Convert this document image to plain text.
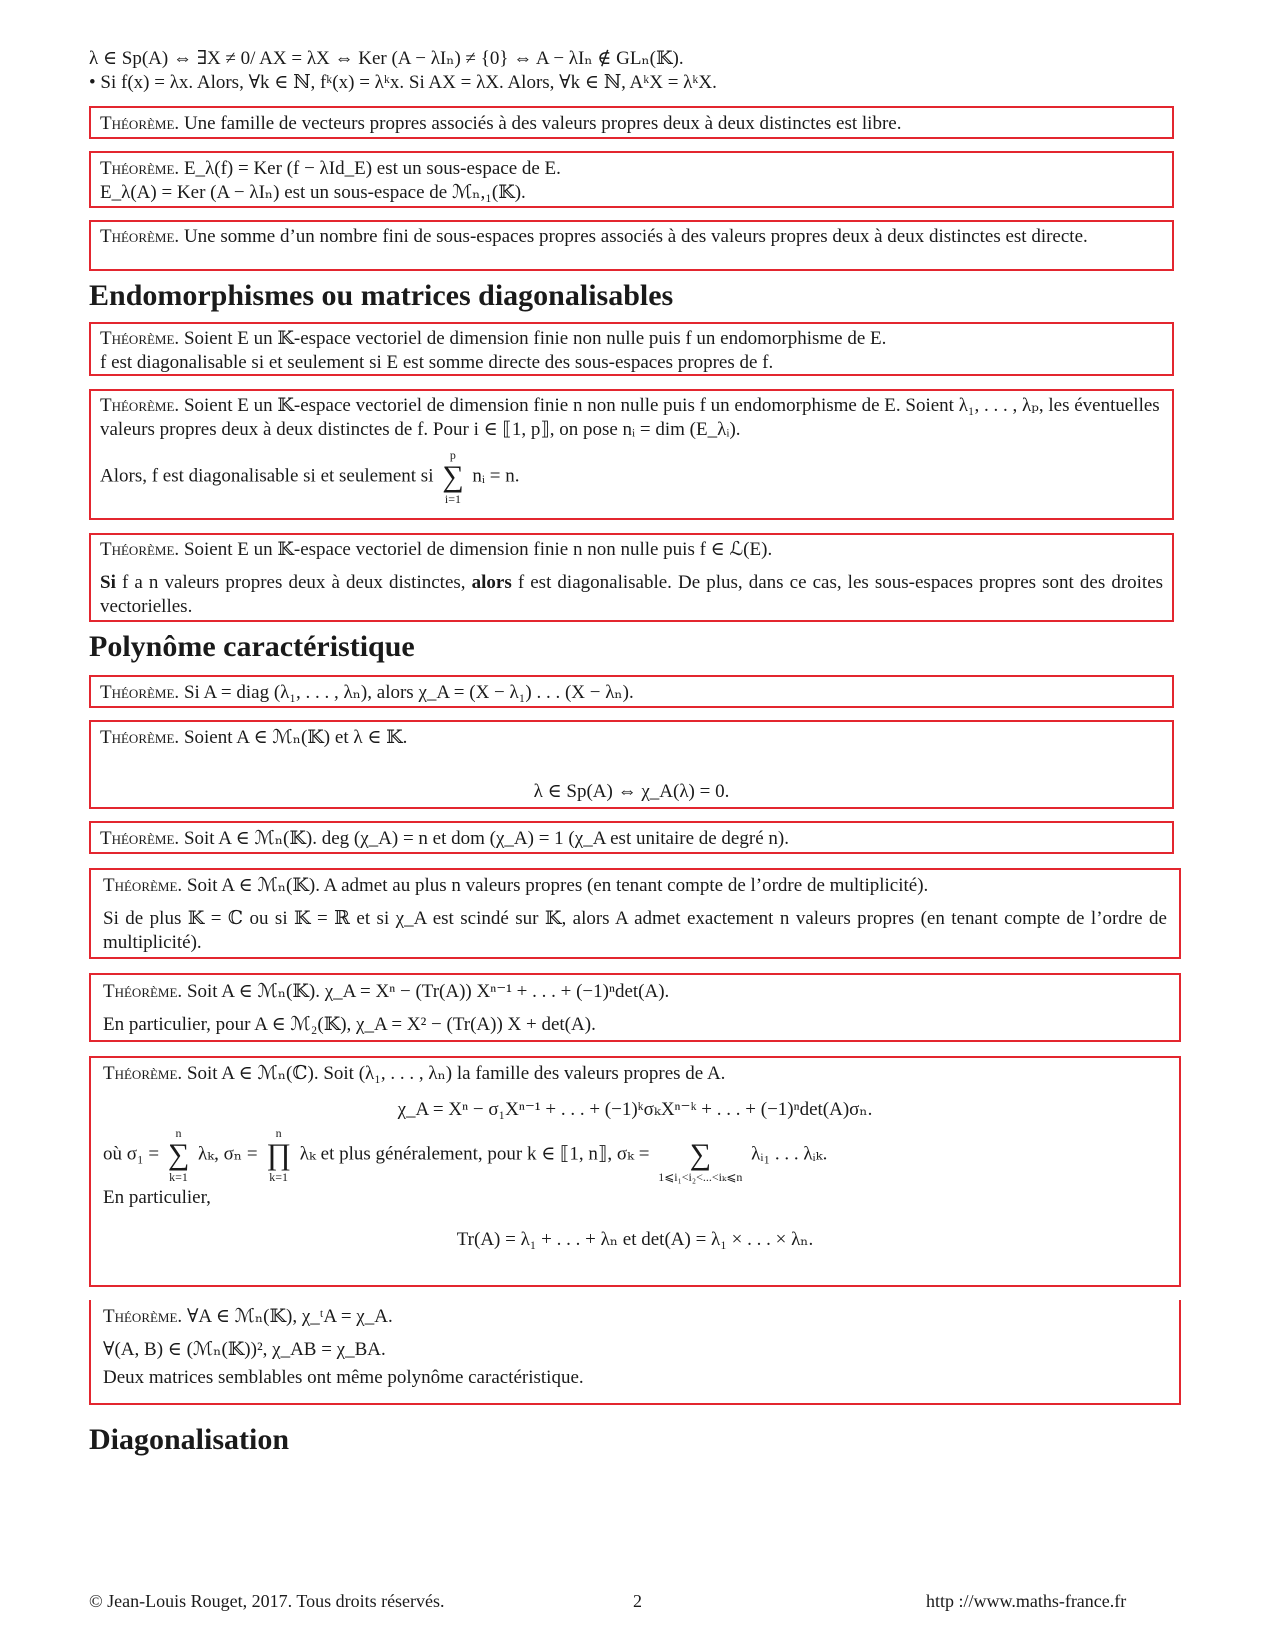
λ ∈ Sp(A) ⇔ ∃X ≠ 0/ AX = λX ⇔ Ker (A − λIₙ) ≠ {0} ⇔ A − λIₙ ∉ GLₙ(𝕂).
• Si f(x) = λx. Alors, ∀k ∈ ℕ, fᵏ(x) = λᵏx. Si AX = λX. Alors, ∀k ∈ ℕ, AᵏX = λᵏX.

Théorème. Une famille de vecteurs propres associés à des valeurs propres deux à deux distinctes est libre.

Théorème. E_λ(f) = Ker (f − λId_E) est un sous-espace de E.

E_λ(A) = Ker (A − λIₙ) est un sous-espace de ℳₙ,₁(𝕂).

Théorème. Une somme d’un nombre fini de sous-espaces propres associés à des valeurs propres deux à deux distinctes est directe.

Endomorphismes ou matrices diagonalisables

Théorème. Soient E un 𝕂-espace vectoriel de dimension finie non nulle puis f un endomorphisme de E.

f est diagonalisable si et seulement si E est somme directe des sous-espaces propres de f.

Théorème. Soient E un 𝕂-espace vectoriel de dimension finie n non nulle puis f un endomorphisme de E. Soient λ₁, . . . , λₚ, les éventuelles valeurs propres deux à deux distinctes de f. Pour i ∈ ⟦1, p⟧, on pose nᵢ = dim (E_λᵢ).

Alors, f est diagonalisable si et seulement si
p
∑
i=1
nᵢ = n.

Théorème. Soient E un 𝕂-espace vectoriel de dimension finie n non nulle puis f ∈ ℒ(E).

Si f a n valeurs propres deux à deux distinctes, alors f est diagonalisable. De plus, dans ce cas, les sous-espaces propres sont des droites vectorielles.

Polynôme caractéristique

Théorème. Si A = diag (λ₁, . . . , λₙ), alors χ_A = (X − λ₁) . . . (X − λₙ).

Théorème. Soient A ∈ ℳₙ(𝕂) et λ ∈ 𝕂.

λ ∈ Sp(A) ⇔ χ_A(λ) = 0.

Théorème. Soit A ∈ ℳₙ(𝕂). deg (χ_A) = n et dom (χ_A) = 1 (χ_A est unitaire de degré n).

Théorème. Soit A ∈ ℳₙ(𝕂). A admet au plus n valeurs propres (en tenant compte de l’ordre de multiplicité).

Si de plus 𝕂 = ℂ ou si 𝕂 = ℝ et si χ_A est scindé sur 𝕂, alors A admet exactement n valeurs propres (en tenant compte de l’ordre de multiplicité).

Théorème. Soit A ∈ ℳₙ(𝕂). χ_A = Xⁿ − (Tr(A)) Xⁿ⁻¹ + . . . + (−1)ⁿdet(A).

En particulier, pour A ∈ ℳ₂(𝕂), χ_A = X² − (Tr(A)) X + det(A).

Théorème. Soit A ∈ ℳₙ(ℂ). Soit (λ₁, . . . , λₙ) la famille des valeurs propres de A.

χ_A = Xⁿ − σ₁Xⁿ⁻¹ + . . . + (−1)ᵏσₖXⁿ⁻ᵏ + . . . + (−1)ⁿdet(A)σₙ.

où σ₁ =
n
∑
k=1
λₖ, σₙ =
n
∏
k=1
λₖ et plus généralement, pour k ∈ ⟦1, n⟧, σₖ =
	∑
1⩽i₁<i₂<...<iₖ⩽n
λᵢ₁ . . . λᵢₖ.

En particulier,

Tr(A) = λ₁ + . . . + λₙ et det(A) = λ₁ × . . . × λₙ.

Théorème. ∀A ∈ ℳₙ(𝕂), χ_ᵗA = χ_A.

∀(A, B) ∈ (ℳₙ(𝕂))², χ_AB = χ_BA.

Deux matrices semblables ont même polynôme caractéristique.

Diagonalisation
© Jean-Louis Rouget, 2017. Tous droits réservés.	2	http ://www.maths-france.fr
